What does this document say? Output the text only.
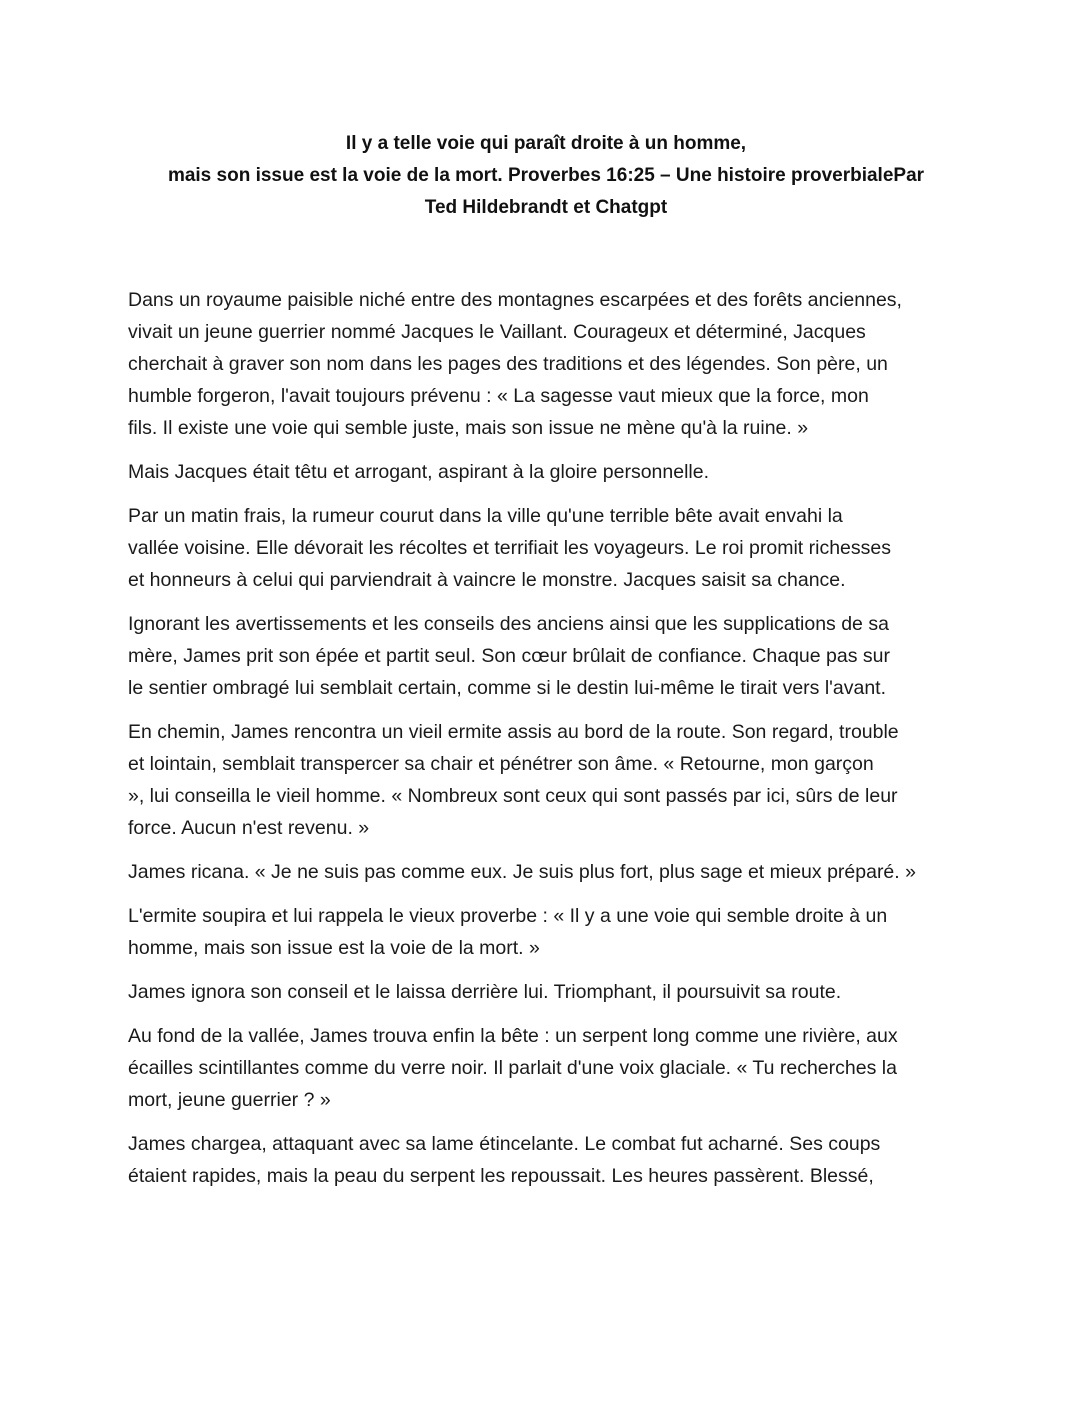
Il y a telle voie qui paraît droite à un homme,
mais son issue est la voie de la mort. Proverbes 16:25 – Une histoire proverbialePar
Ted Hildebrandt et Chatgpt

Dans un royaume paisible niché entre des montagnes escarpées et des forêts anciennes,
vivait un jeune guerrier nommé Jacques le Vaillant. Courageux et déterminé, Jacques
cherchait à graver son nom dans les pages des traditions et des légendes. Son père, un
humble forgeron, l'avait toujours prévenu : « La sagesse vaut mieux que la force, mon
fils. Il existe une voie qui semble juste, mais son issue ne mène qu'à la ruine. »

Mais Jacques était têtu et arrogant, aspirant à la gloire personnelle.

Par un matin frais, la rumeur courut dans la ville qu'une terrible bête avait envahi la
vallée voisine. Elle dévorait les récoltes et terrifiait les voyageurs. Le roi promit richesses
et honneurs à celui qui parviendrait à vaincre le monstre. Jacques saisit sa chance.

Ignorant les avertissements et les conseils des anciens ainsi que les supplications de sa
mère, James prit son épée et partit seul. Son cœur brûlait de confiance. Chaque pas sur
le sentier ombragé lui semblait certain, comme si le destin lui-même le tirait vers l'avant.

En chemin, James rencontra un vieil ermite assis au bord de la route. Son regard, trouble
et lointain, semblait transpercer sa chair et pénétrer son âme. « Retourne, mon garçon
», lui conseilla le vieil homme. « Nombreux sont ceux qui sont passés par ici, sûrs de leur
force. Aucun n'est revenu. »

James ricana. « Je ne suis pas comme eux. Je suis plus fort, plus sage et mieux préparé. »

L'ermite soupira et lui rappela le vieux proverbe : « Il y a une voie qui semble droite à un
homme, mais son issue est la voie de la mort. »

James ignora son conseil et le laissa derrière lui. Triomphant, il poursuivit sa route.

Au fond de la vallée, James trouva enfin la bête : un serpent long comme une rivière, aux
écailles scintillantes comme du verre noir. Il parlait d'une voix glaciale. « Tu recherches la
mort, jeune guerrier ? »

James chargea, attaquant avec sa lame étincelante. Le combat fut acharné. Ses coups
étaient rapides, mais la peau du serpent les repoussait. Les heures passèrent. Blessé,
